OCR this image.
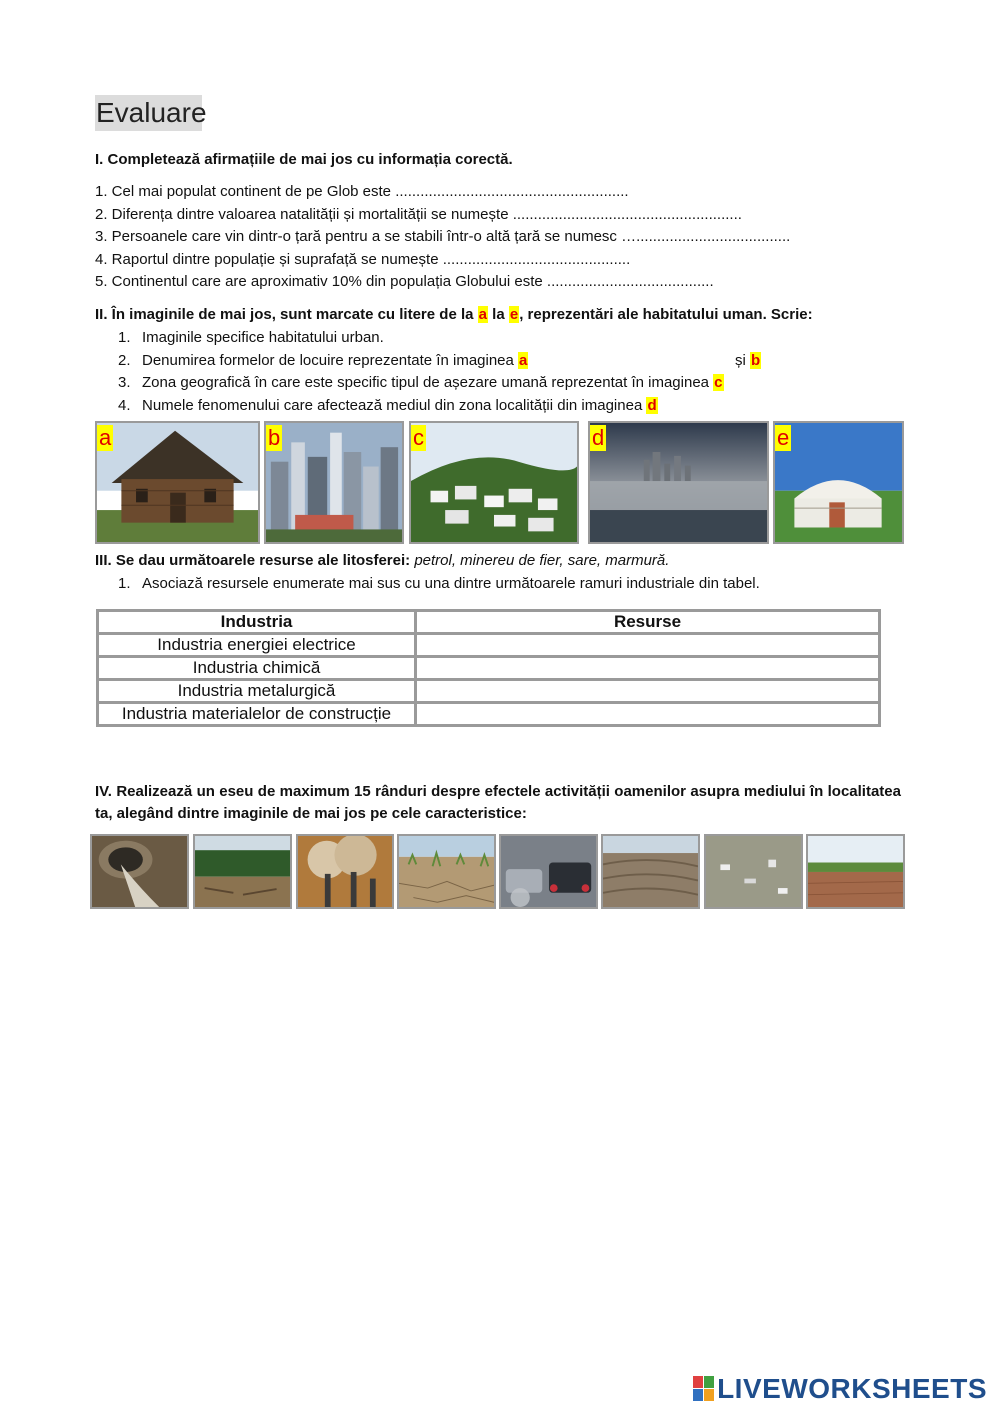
Evaluare
I. Completează afirmațiile de mai jos cu informația corectă.
1. Cel mai populat continent de pe Glob este ........................................................
2. Diferența dintre valoarea natalității și mortalității se numește .......................................................
3. Persoanele care vin dintr-o țară pentru a se stabili într-o altă țară se numesc ….....................................
4. Raportul dintre populație și suprafață se numește .............................................
5. Continentul care are aproximativ 10% din populația Globului este ........................................
II. În imaginile de mai jos, sunt marcate cu litere de la a la e, reprezentări ale habitatului uman. Scrie:
1. Imaginile specifice habitatului urban.
2. Denumirea formelor de locuire reprezentate în imaginea a	și b
3. Zona geografică în care este specific tipul de așezare umană reprezentat în imaginea c
4. Numele fenomenului care afectează mediul din zona localității din imaginea d
a	b	c	d	e
III. Se dau următoarele resurse ale litosferei: petrol, minereu de fier, sare, marmură.
1. Asociază resursele enumerate mai sus cu una dintre următoarele ramuri industriale din tabel.
Industria	Resurse
Industria energiei electrice	
Industria chimică	
Industria metalurgică	
Industria materialelor de construcție	
IV. Realizează un eseu de maximum 15 rânduri despre efectele activității oamenilor asupra mediului în localitatea ta, alegând dintre imaginile de mai jos pe cele caracteristice:
LIVEWORKSHEETS
